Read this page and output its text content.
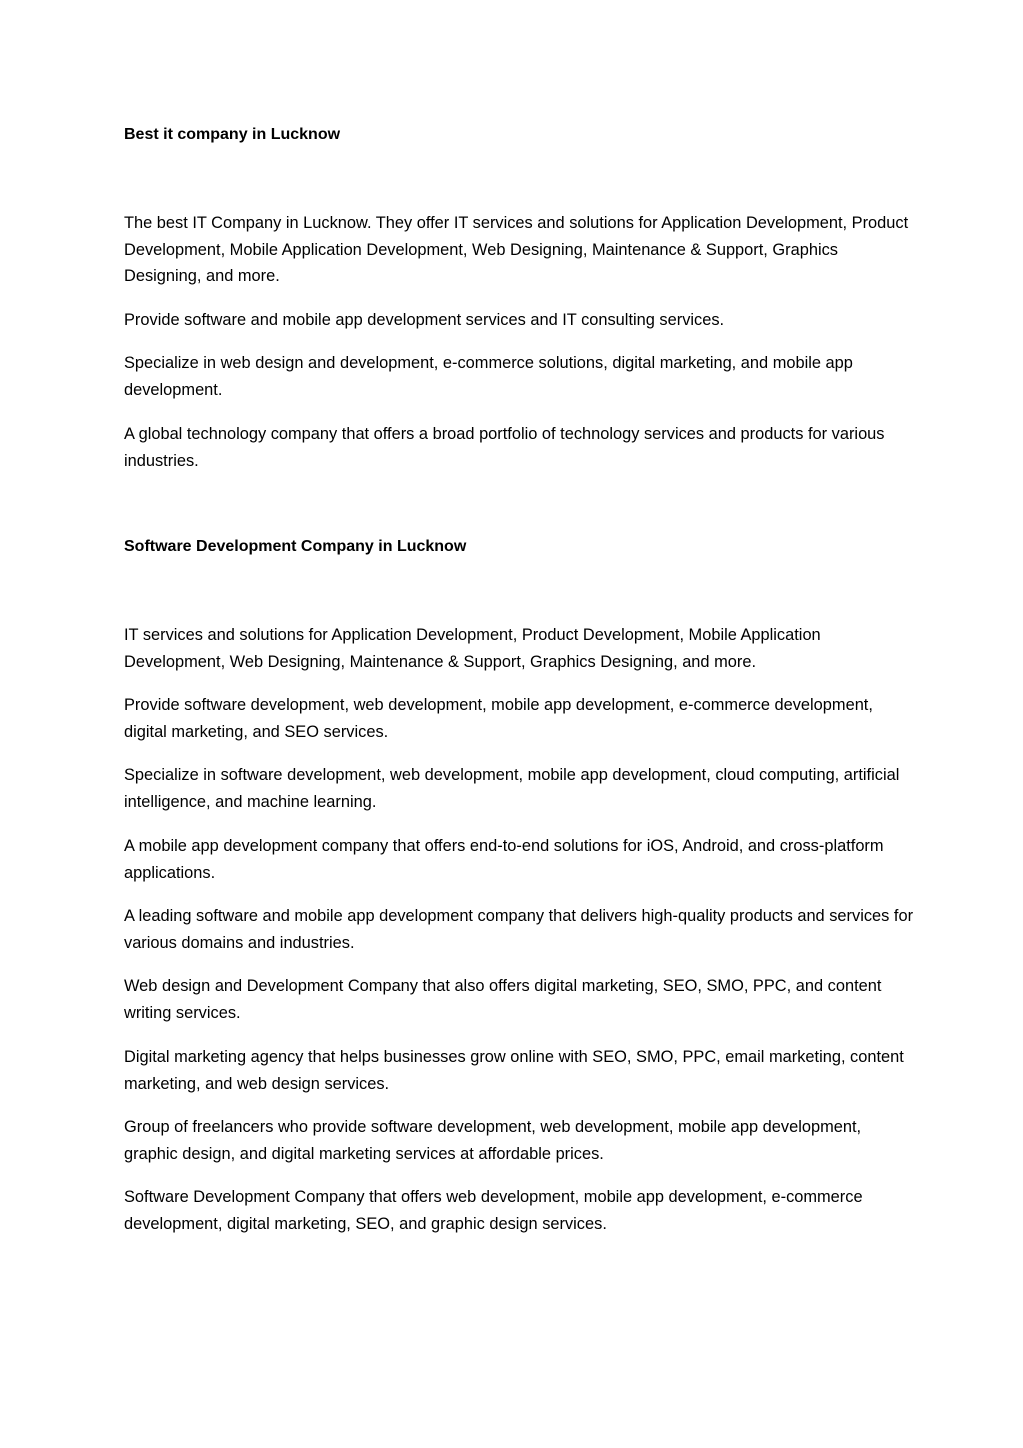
Best it company in Lucknow

The best IT Company in Lucknow. They offer IT services and solutions for Application Development, Product Development, Mobile Application Development, Web Designing, Maintenance & Support, Graphics Designing, and more.

Provide software and mobile app development services and IT consulting services.

Specialize in web design and development, e-commerce solutions, digital marketing, and mobile app development.

A global technology company that offers a broad portfolio of technology services and products for various industries.

Software Development Company in Lucknow

IT services and solutions for Application Development, Product Development, Mobile Application Development, Web Designing, Maintenance & Support, Graphics Designing, and more.

Provide software development, web development, mobile app development, e-commerce development, digital marketing, and SEO services.

Specialize in software development, web development, mobile app development, cloud computing, artificial intelligence, and machine learning.

A mobile app development company that offers end-to-end solutions for iOS, Android, and cross-platform applications.

A leading software and mobile app development company that delivers high-quality products and services for various domains and industries.

Web design and Development Company that also offers digital marketing, SEO, SMO, PPC, and content writing services.

Digital marketing agency that helps businesses grow online with SEO, SMO, PPC, email marketing, content marketing, and web design services.

Group of freelancers who provide software development, web development, mobile app development, graphic design, and digital marketing services at affordable prices.

Software Development Company that offers web development, mobile app development, e-commerce development, digital marketing, SEO, and graphic design services.
